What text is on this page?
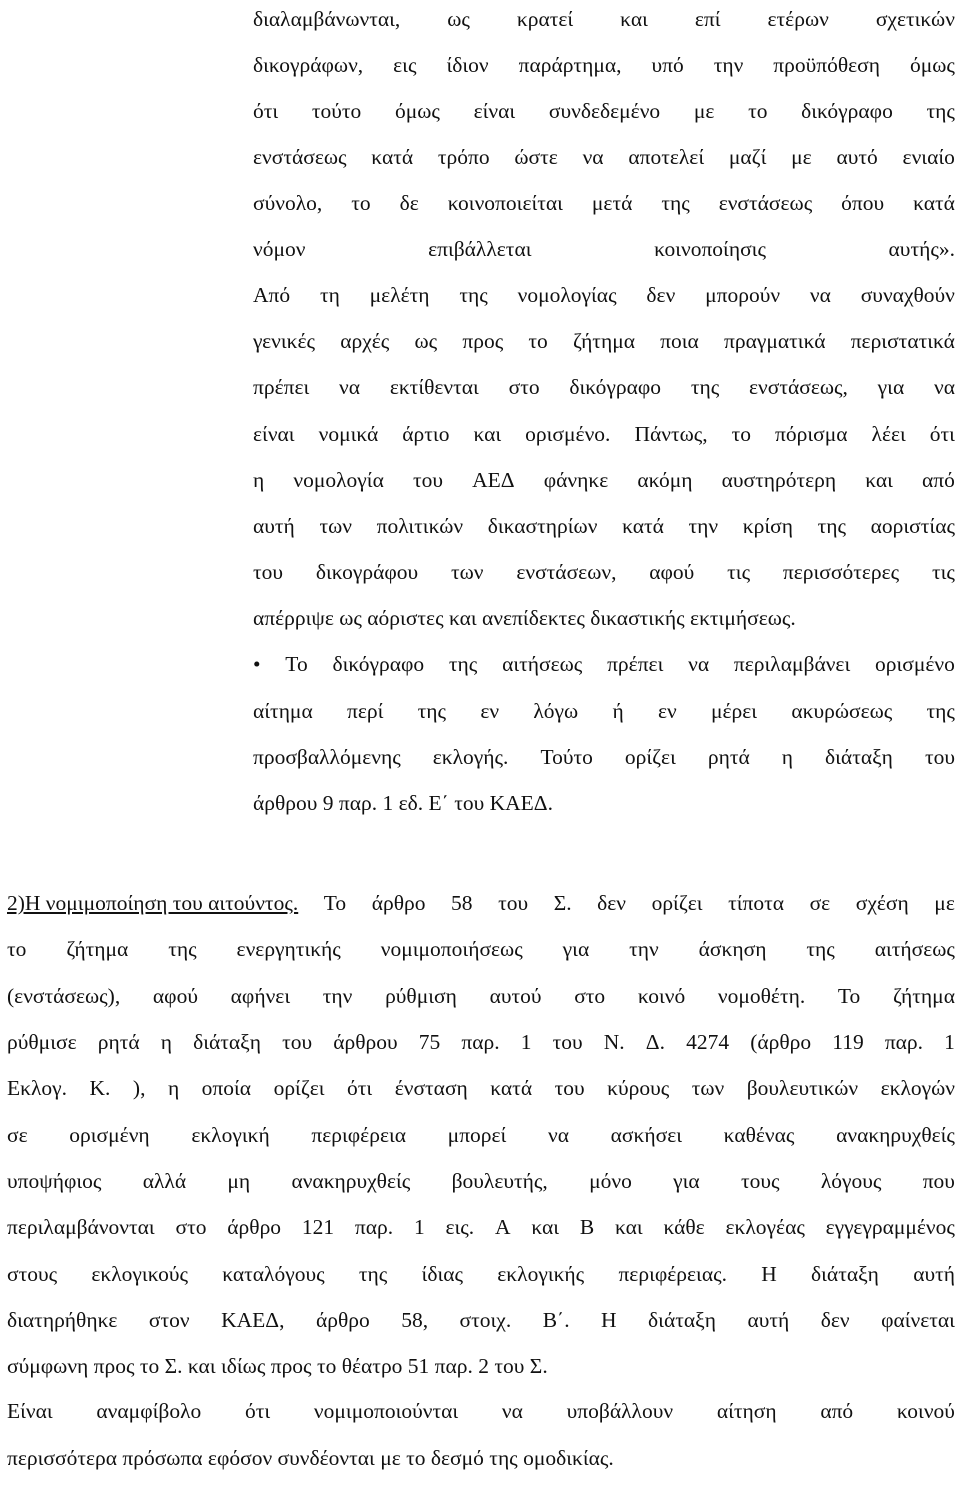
διαλαμβάνωνται, ως κρατεί και επί ετέρων σχετικών
δικογράφων, εις ίδιον παράρτημα, υπό την προϋπόθεση όμως
ότι τούτο όμως είναι συνδεδεμένο με το δικόγραφο της
ενστάσεως κατά τρόπο ώστε να αποτελεί μαζί με αυτό ενιαίο
σύνολο, το δε κοινοποιείται μετά της ενστάσεως όπου κατά
νόμον	επιβάλλεται	κοινοποίησις	αυτής».
Από τη μελέτη της νομολογίας δεν μπορούν να συναχθούν
γενικές αρχές ως προς το ζήτημα ποια πραγματικά περιστατικά
πρέπει να εκτίθενται στο δικόγραφο της ενστάσεως, για να
είναι νομικά άρτιο και ορισμένο. Πάντως, το πόρισμα λέει ότι
η νομολογία του ΑΕΔ φάνηκε ακόμη αυστηρότερη και από
αυτή των πολιτικών δικαστηρίων κατά την κρίση της αοριστίας
του δικογράφου των ενστάσεων, αφού τις περισσότερες τις
απέρριψε ως αόριστες και ανεπίδεκτες δικαστικής εκτιμήσεως.
• Το δικόγραφο της αιτήσεως πρέπει να περιλαμβάνει ορισμένο
αίτημα περί της εν λόγω ή εν μέρει ακυρώσεως της
προσβαλλόμενης εκλογής. Τούτο ορίζει ρητά η διάταξη του
άρθρου 9 παρ. 1 εδ. Ε΄ του ΚΑΕΔ.
2)Η νομιμοποίηση του αιτούντος. Το άρθρο 58 του Σ. δεν ορίζει τίποτα σε σχέση με
το ζήτημα της ενεργητικής νομιμοποιήσεως για την άσκηση της αιτήσεως
(ενστάσεως), αφού αφήνει την ρύθμιση αυτού στο κοινό νομοθέτη. Το ζήτημα
ρύθμισε ρητά η διάταξη του άρθρου 75 παρ. 1 του Ν. Δ. 4274 (άρθρο 119 παρ. 1
Εκλογ. Κ. ), η οποία ορίζει ότι ένσταση κατά του κύρους των βουλευτικών εκλογών
σε ορισμένη εκλογική περιφέρεια μπορεί να ασκήσει καθένας ανακηρυχθείς
υποψήφιος αλλά μη ανακηρυχθείς βουλευτής, μόνο για τους λόγους που
περιλαμβάνονται στο άρθρο 121 παρ. 1 εις. Α και Β και κάθε εκλογέας εγγεγραμμένος
στους εκλογικούς καταλόγους της ίδιας εκλογικής περιφέρειας. Η διάταξη αυτή
διατηρήθηκε στον ΚΑΕΔ, άρθρο 58, στοιχ. Β΄. Η διάταξη αυτή δεν φαίνεται
σύμφωνη προς το Σ. και ιδίως προς το θέατρο 51 παρ. 2 του Σ.
Είναι αναμφίβολο ότι νομιμοποιούνται να υποβάλλουν αίτηση από κοινού
περισσότερα πρόσωπα εφόσον συνδέονται με το δεσμό της ομοδικίας.
